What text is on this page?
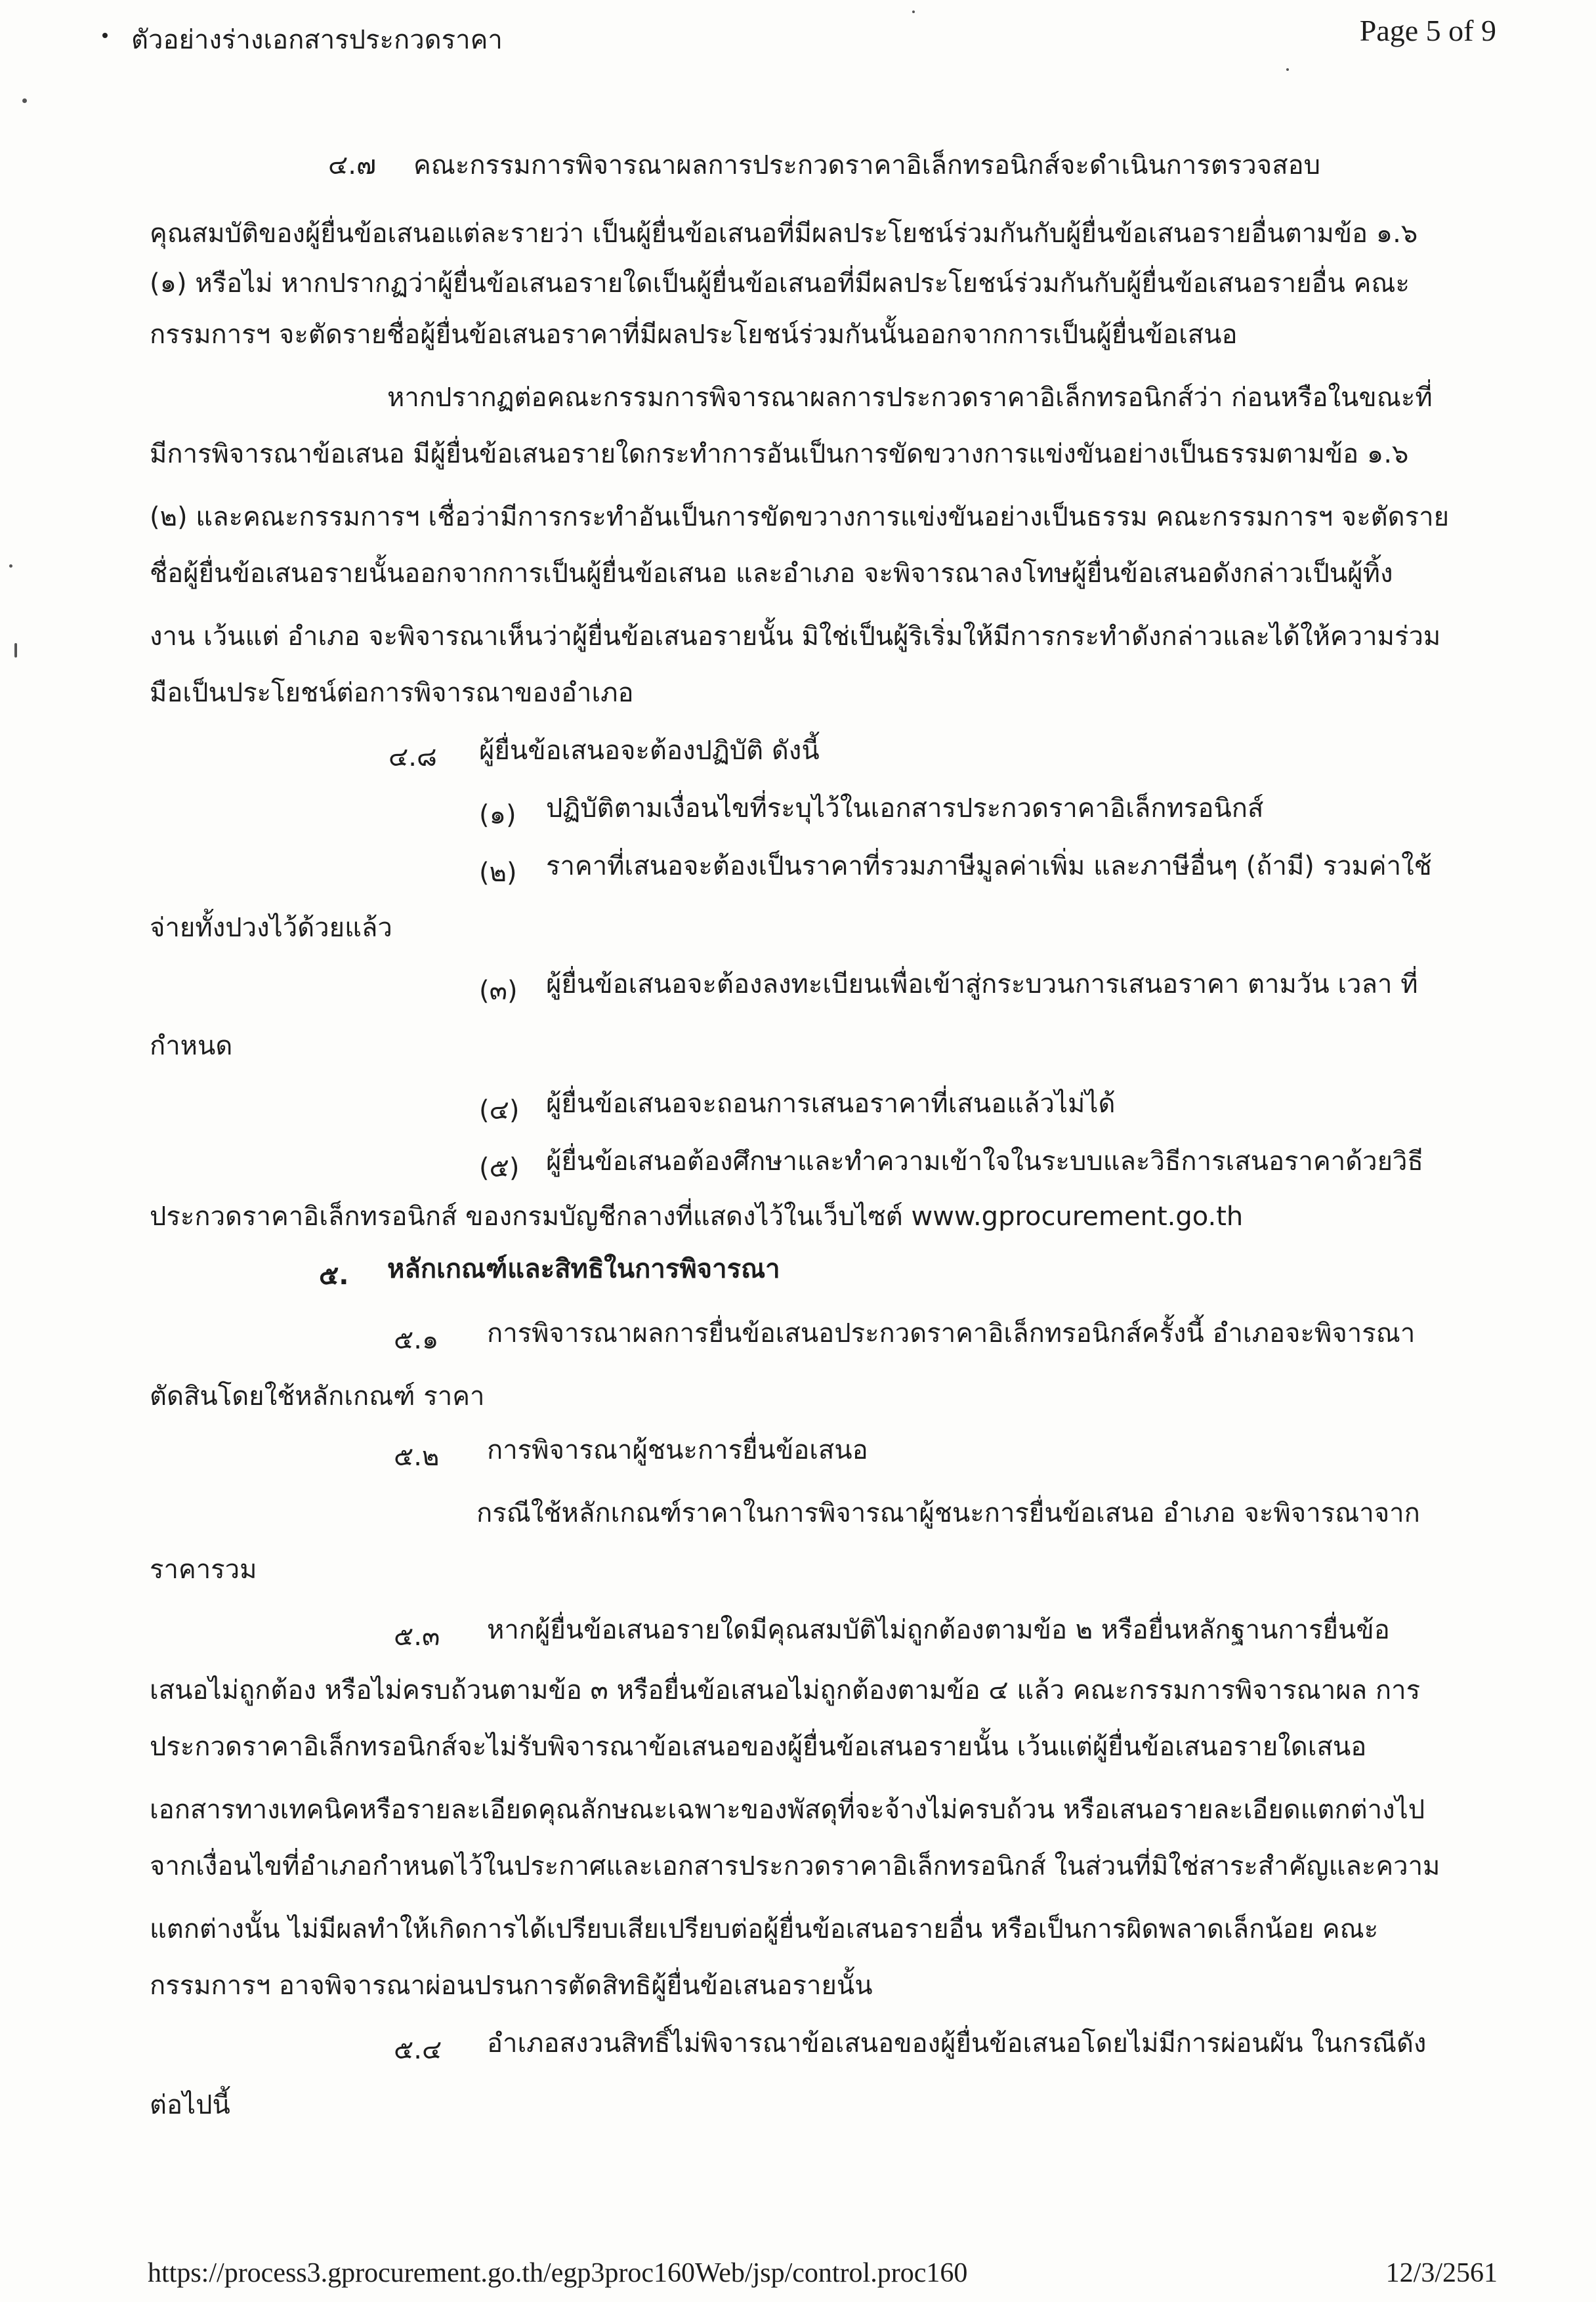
ตัวอย่างร่างเอกสารประกวดราคา	Page 5 of 9
๔.๗ คณะกรรมการพิจารณาผลการประกวดราคาอิเล็กทรอนิกส์จะดำเนินการตรวจสอบ
คุณสมบัติของผู้ยื่นข้อเสนอแต่ละรายว่า เป็นผู้ยื่นข้อเสนอที่มีผลประโยชน์ร่วมกันกับผู้ยื่นข้อเสนอรายอื่นตามข้อ ๑.๖
(๑) หรือไม่ หากปรากฏว่าผู้ยื่นข้อเสนอรายใดเป็นผู้ยื่นข้อเสนอที่มีผลประโยชน์ร่วมกันกับผู้ยื่นข้อเสนอรายอื่น คณะ
กรรมการฯ จะตัดรายชื่อผู้ยื่นข้อเสนอราคาที่มีผลประโยชน์ร่วมกันนั้นออกจากการเป็นผู้ยื่นข้อเสนอ
หากปรากฏต่อคณะกรรมการพิจารณาผลการประกวดราคาอิเล็กทรอนิกส์ว่า ก่อนหรือในขณะที่
มีการพิจารณาข้อเสนอ มีผู้ยื่นข้อเสนอรายใดกระทำการอันเป็นการขัดขวางการแข่งขันอย่างเป็นธรรมตามข้อ ๑.๖
(๒) และคณะกรรมการฯ เชื่อว่ามีการกระทำอันเป็นการขัดขวางการแข่งขันอย่างเป็นธรรม คณะกรรมการฯ จะตัดราย
ชื่อผู้ยื่นข้อเสนอรายนั้นออกจากการเป็นผู้ยื่นข้อเสนอ และอำเภอ จะพิจารณาลงโทษผู้ยื่นข้อเสนอดังกล่าวเป็นผู้ทิ้ง
งาน เว้นแต่ อำเภอ จะพิจารณาเห็นว่าผู้ยื่นข้อเสนอรายนั้น มิใช่เป็นผู้ริเริ่มให้มีการกระทำดังกล่าวและได้ให้ความร่วม
มือเป็นประโยชน์ต่อการพิจารณาของอำเภอ
๔.๘ ผู้ยื่นข้อเสนอจะต้องปฏิบัติ ดังนี้
(๑) ปฏิบัติตามเงื่อนไขที่ระบุไว้ในเอกสารประกวดราคาอิเล็กทรอนิกส์
(๒) ราคาที่เสนอจะต้องเป็นราคาที่รวมภาษีมูลค่าเพิ่ม และภาษีอื่นๆ (ถ้ามี) รวมค่าใช้
จ่ายทั้งปวงไว้ด้วยแล้ว
(๓) ผู้ยื่นข้อเสนอจะต้องลงทะเบียนเพื่อเข้าสู่กระบวนการเสนอราคา ตามวัน เวลา ที่
กำหนด
(๔) ผู้ยื่นข้อเสนอจะถอนการเสนอราคาที่เสนอแล้วไม่ได้
(๕) ผู้ยื่นข้อเสนอต้องศึกษาและทำความเข้าใจในระบบและวิธีการเสนอราคาด้วยวิธี
ประกวดราคาอิเล็กทรอนิกส์ ของกรมบัญชีกลางที่แสดงไว้ในเว็บไซต์ www.gprocurement.go.th
๕. หลักเกณฑ์และสิทธิในการพิจารณา
๕.๑ การพิจารณาผลการยื่นข้อเสนอประกวดราคาอิเล็กทรอนิกส์ครั้งนี้ อำเภอจะพิจารณา
ตัดสินโดยใช้หลักเกณฑ์ ราคา
๕.๒ การพิจารณาผู้ชนะการยื่นข้อเสนอ
กรณีใช้หลักเกณฑ์ราคาในการพิจารณาผู้ชนะการยื่นข้อเสนอ อำเภอ จะพิจารณาจาก
ราคารวม
๕.๓ หากผู้ยื่นข้อเสนอรายใดมีคุณสมบัติไม่ถูกต้องตามข้อ ๒ หรือยื่นหลักฐานการยื่นข้อ
เสนอไม่ถูกต้อง หรือไม่ครบถ้วนตามข้อ ๓ หรือยื่นข้อเสนอไม่ถูกต้องตามข้อ ๔ แล้ว คณะกรรมการพิจารณาผล การ
ประกวดราคาอิเล็กทรอนิกส์จะไม่รับพิจารณาข้อเสนอของผู้ยื่นข้อเสนอรายนั้น เว้นแต่ผู้ยื่นข้อเสนอรายใดเสนอ
เอกสารทางเทคนิคหรือรายละเอียดคุณลักษณะเฉพาะของพัสดุที่จะจ้างไม่ครบถ้วน หรือเสนอรายละเอียดแตกต่างไป
จากเงื่อนไขที่อำเภอกำหนดไว้ในประกาศและเอกสารประกวดราคาอิเล็กทรอนิกส์ ในส่วนที่มิใช่สาระสำคัญและความ
แตกต่างนั้น ไม่มีผลทำให้เกิดการได้เปรียบเสียเปรียบต่อผู้ยื่นข้อเสนอรายอื่น หรือเป็นการผิดพลาดเล็กน้อย คณะ
กรรมการฯ อาจพิจารณาผ่อนปรนการตัดสิทธิผู้ยื่นข้อเสนอรายนั้น
๕.๔ อำเภอสงวนสิทธิ์ไม่พิจารณาข้อเสนอของผู้ยื่นข้อเสนอโดยไม่มีการผ่อนผัน ในกรณีดัง
ต่อไปนี้
https://process3.gprocurement.go.th/egp3proc160Web/jsp/control.proc160	12/3/2561
